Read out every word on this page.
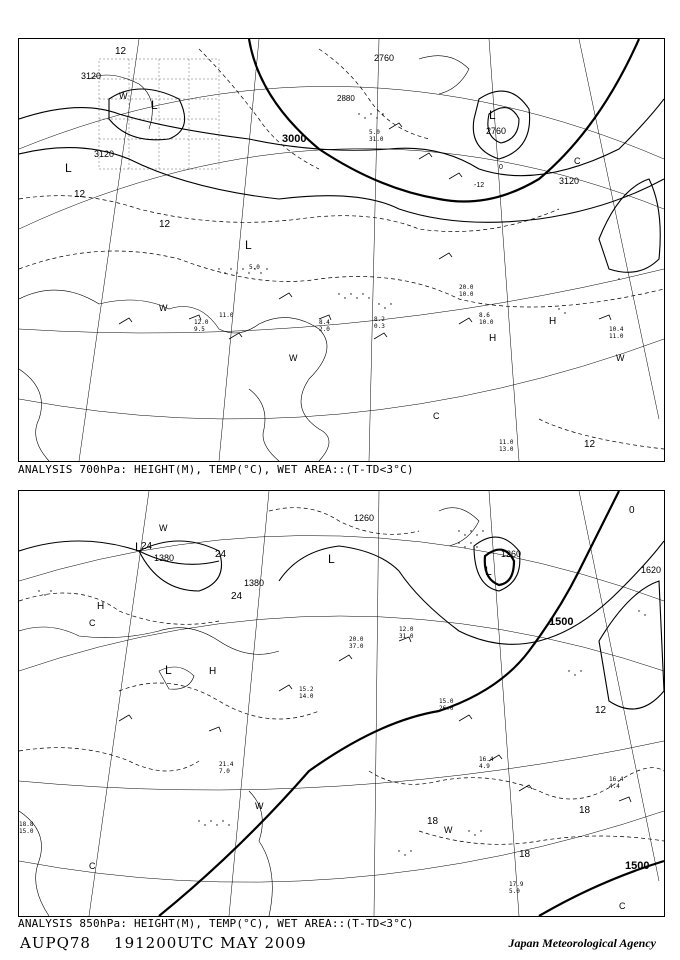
12.0
9.5
11.0
5.0
8.4
2.0
8.2
0.3
8.6
10.0
11.0
13.0
10.4
11.0
20.0
10.0
5.0
31.0
3000
3120
3120
3120
2760
2760
2880
L
L
L
L
H
H
W
W
W	W
C
C
12
12
12
12
0
-12
ANALYSIS 700hPa: HEIGHT(M), TEMP(°C), WET AREA::(T-TD<3°C)
15.2
14.0
20.0
37.0
12.0
31.0
15.0
26.0
16.4
4.9
17.9
5.0
16.4
4.4
21.4
7.0
18.8
15.0
1500
1500
1380
1380
1260
1260
1620
L
L
L
L
H
H
W
W
W
C
C
C
24
24
24
18
18
18
12
0
ANALYSIS 850hPa: HEIGHT(M), TEMP(°C), WET AREA::(T-TD<3°C)
AUPQ78 191200UTC MAY 2009	Japan Meteorological Agency
